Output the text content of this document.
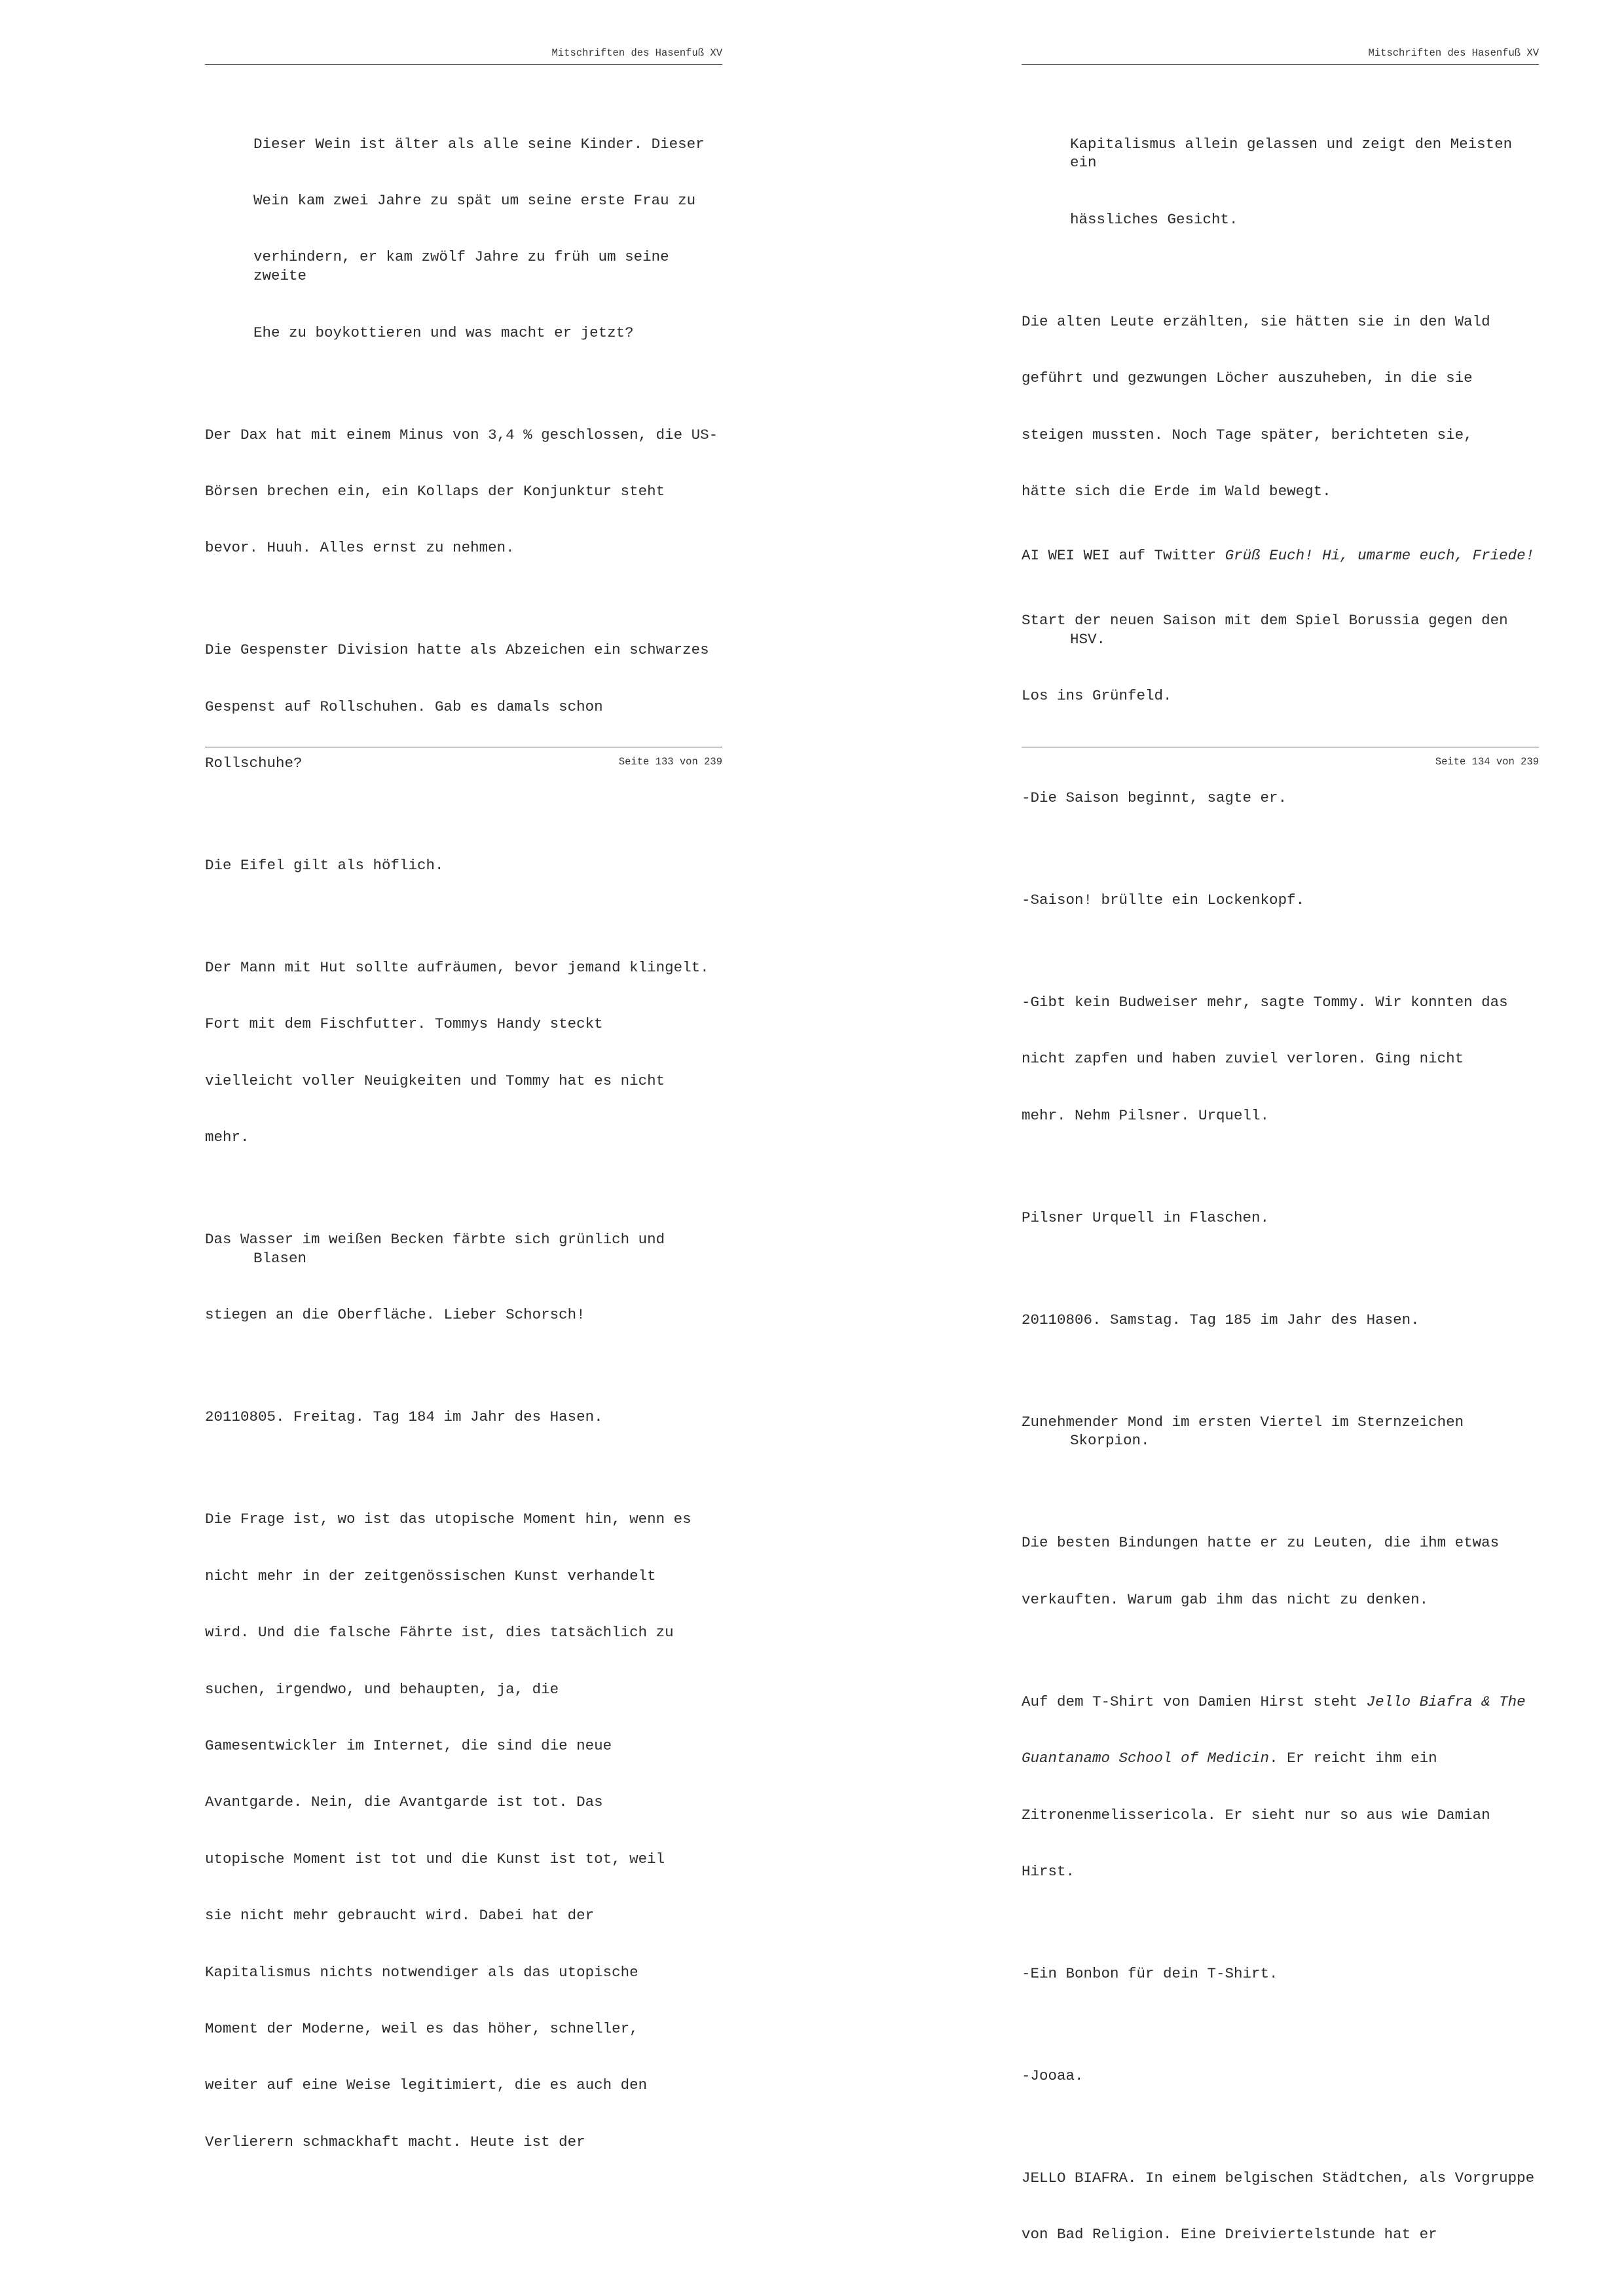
Mitschriften des Hasenfuß XV

Dieser Wein ist älter als alle seine Kinder. Dieser

Wein kam zwei Jahre zu spät um seine erste Frau zu

verhindern, er kam zwölf Jahre zu früh um seine zweite

Ehe zu boykottieren und was macht er jetzt?

Der Dax hat mit einem Minus von 3,4 % geschlossen, die US-

Börsen brechen ein, ein Kollaps der Konjunktur steht

bevor. Huuh. Alles ernst zu nehmen.

Die Gespenster Division hatte als Abzeichen ein schwarzes

Gespenst auf Rollschuhen. Gab es damals schon

Rollschuhe?

Die Eifel gilt als höflich.

Der Mann mit Hut sollte aufräumen, bevor jemand klingelt.

Fort mit dem Fischfutter. Tommys Handy steckt

vielleicht voller Neuigkeiten und Tommy hat es nicht

mehr.

Das Wasser im weißen Becken färbte sich grünlich und Blasen

stiegen an die Oberfläche. Lieber Schorsch!

20110805. Freitag. Tag 184 im Jahr des Hasen.

Die Frage ist, wo ist das utopische Moment hin, wenn es

nicht mehr in der zeitgenössischen Kunst verhandelt

wird. Und die falsche Fährte ist, dies tatsächlich zu

suchen, irgendwo, und behaupten, ja, die

Gamesentwickler im Internet, die sind die neue

Avantgarde. Nein, die Avantgarde ist tot. Das

utopische Moment ist tot und die Kunst ist tot, weil

sie nicht mehr gebraucht wird. Dabei hat der

Kapitalismus nichts notwendiger als das utopische

Moment der Moderne, weil es das höher, schneller,

weiter auf eine Weise legitimiert, die es auch den

Verlierern schmackhaft macht. Heute ist der

Seite 133 von 239
Mitschriften des Hasenfuß XV

Kapitalismus allein gelassen und zeigt den Meisten ein

hässliches Gesicht.

Die alten Leute erzählten, sie hätten sie in den Wald

geführt und gezwungen Löcher auszuheben, in die sie

steigen mussten. Noch Tage später, berichteten sie,

hätte sich die Erde im Wald bewegt.

AI WEI WEI auf Twitter Grüß Euch! Hi, umarme euch, Friede!

Start der neuen Saison mit dem Spiel Borussia gegen den HSV.

Los ins Grünfeld.

-Die Saison beginnt, sagte er.

-Saison! brüllte ein Lockenkopf.

-Gibt kein Budweiser mehr, sagte Tommy. Wir konnten das

nicht zapfen und haben zuviel verloren. Ging nicht

mehr. Nehm Pilsner. Urquell.

Pilsner Urquell in Flaschen.

20110806. Samstag. Tag 185 im Jahr des Hasen.

Zunehmender Mond im ersten Viertel im Sternzeichen Skorpion.

Die besten Bindungen hatte er zu Leuten, die ihm etwas

verkauften. Warum gab ihm das nicht zu denken.

Auf dem T-Shirt von Damien Hirst steht Jello Biafra & The

Guantanamo School of Medicin. Er reicht ihm ein

Zitronenmelissericola. Er sieht nur so aus wie Damian

Hirst.

-Ein Bonbon für dein T-Shirt.

-Jooaa.

JELLO BIAFRA. In einem belgischen Städtchen, als Vorgruppe

von Bad Religion. Eine Dreiviertelstunde hat er

Seite 134 von 239
